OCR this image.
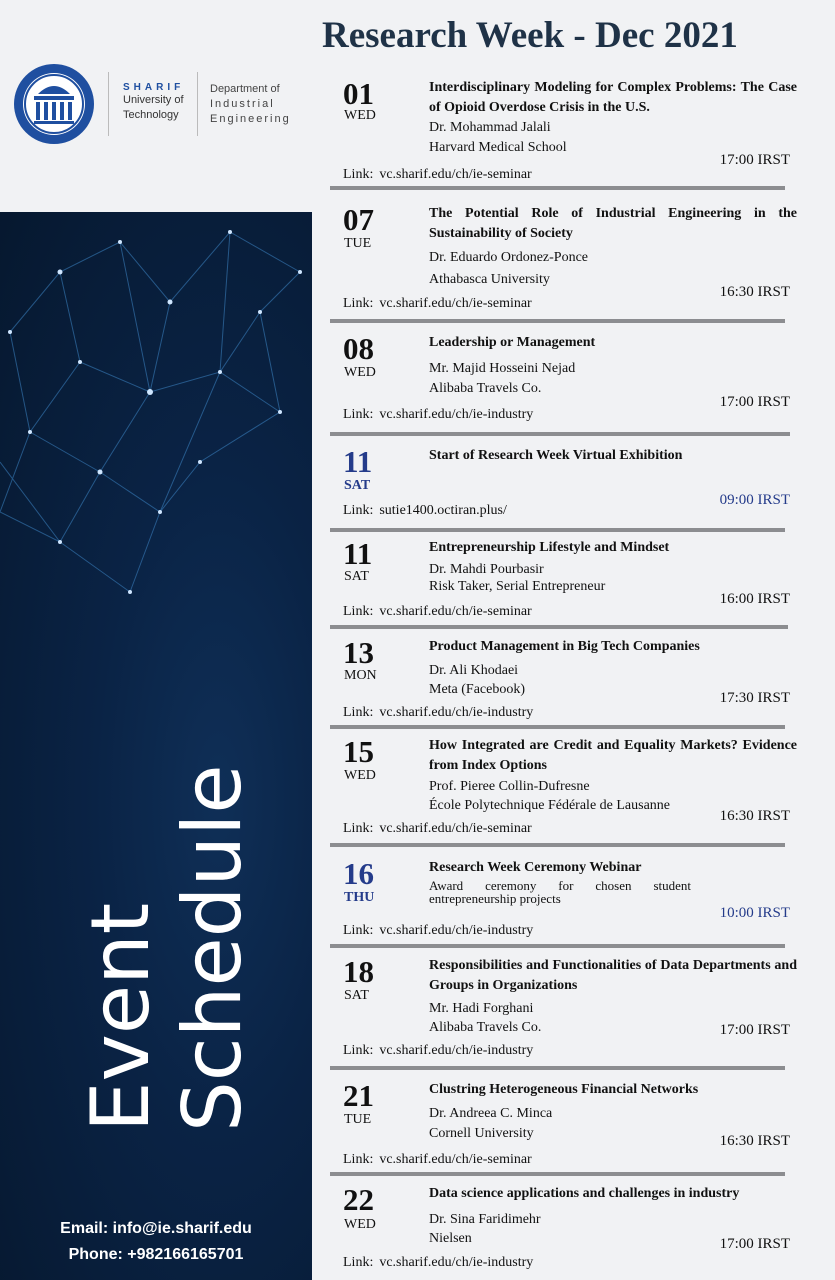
Research Week - Dec 2021
SHARIF
University of
Technology
Department of
Industrial
Engineering
Event Schedule
Email: info@ie.sharif.edu
Phone: +982166165701
01
WED
Interdisciplinary Modeling for Complex Problems: The Case of Opioid Overdose Crisis in the U.S.
Dr. Mohammad Jalali
Harvard Medical School
Link: vc.sharif.edu/ch/ie-seminar
17:00 IRST
07
TUE
The Potential Role of Industrial Engineering in the Sustainability of Society
Dr. Eduardo Ordonez-Ponce
Athabasca University
Link: vc.sharif.edu/ch/ie-seminar
16:30 IRST
08
WED
Leadership or Management
Mr. Majid Hosseini Nejad
Alibaba Travels Co.
Link: vc.sharif.edu/ch/ie-industry
17:00 IRST
11
SAT
Start of Research Week Virtual Exhibition
Link: sutie1400.octiran.plus/
09:00 IRST
11
SAT
Entrepreneurship Lifestyle and Mindset
Dr. Mahdi Pourbasir
Risk Taker, Serial Entrepreneur
Link: vc.sharif.edu/ch/ie-seminar
16:00 IRST
13
MON
Product Management in Big Tech Companies
Dr. Ali Khodaei
Meta (Facebook)
Link: vc.sharif.edu/ch/ie-industry
17:30 IRST
15
WED
How Integrated are Credit and Equality Markets? Evidence from Index Options
Prof. Pieree Collin-Dufresne
École Polytechnique Fédérale de Lausanne
Link: vc.sharif.edu/ch/ie-seminar
16:30 IRST
16
THU
Research Week Ceremony Webinar
Award ceremony for chosen student entrepreneurship projects
Link: vc.sharif.edu/ch/ie-industry
10:00 IRST
18
SAT
Responsibilities and Functionalities of Data Departments and Groups in Organizations
Mr. Hadi Forghani
Alibaba Travels Co.
Link: vc.sharif.edu/ch/ie-industry
17:00 IRST
21
TUE
Clustring Heterogeneous Financial Networks
Dr. Andreea C. Minca
Cornell University
Link: vc.sharif.edu/ch/ie-seminar
16:30 IRST
22
WED
Data science applications and challenges in industry
Dr. Sina Faridimehr
Nielsen
Link: vc.sharif.edu/ch/ie-industry
17:00 IRST
